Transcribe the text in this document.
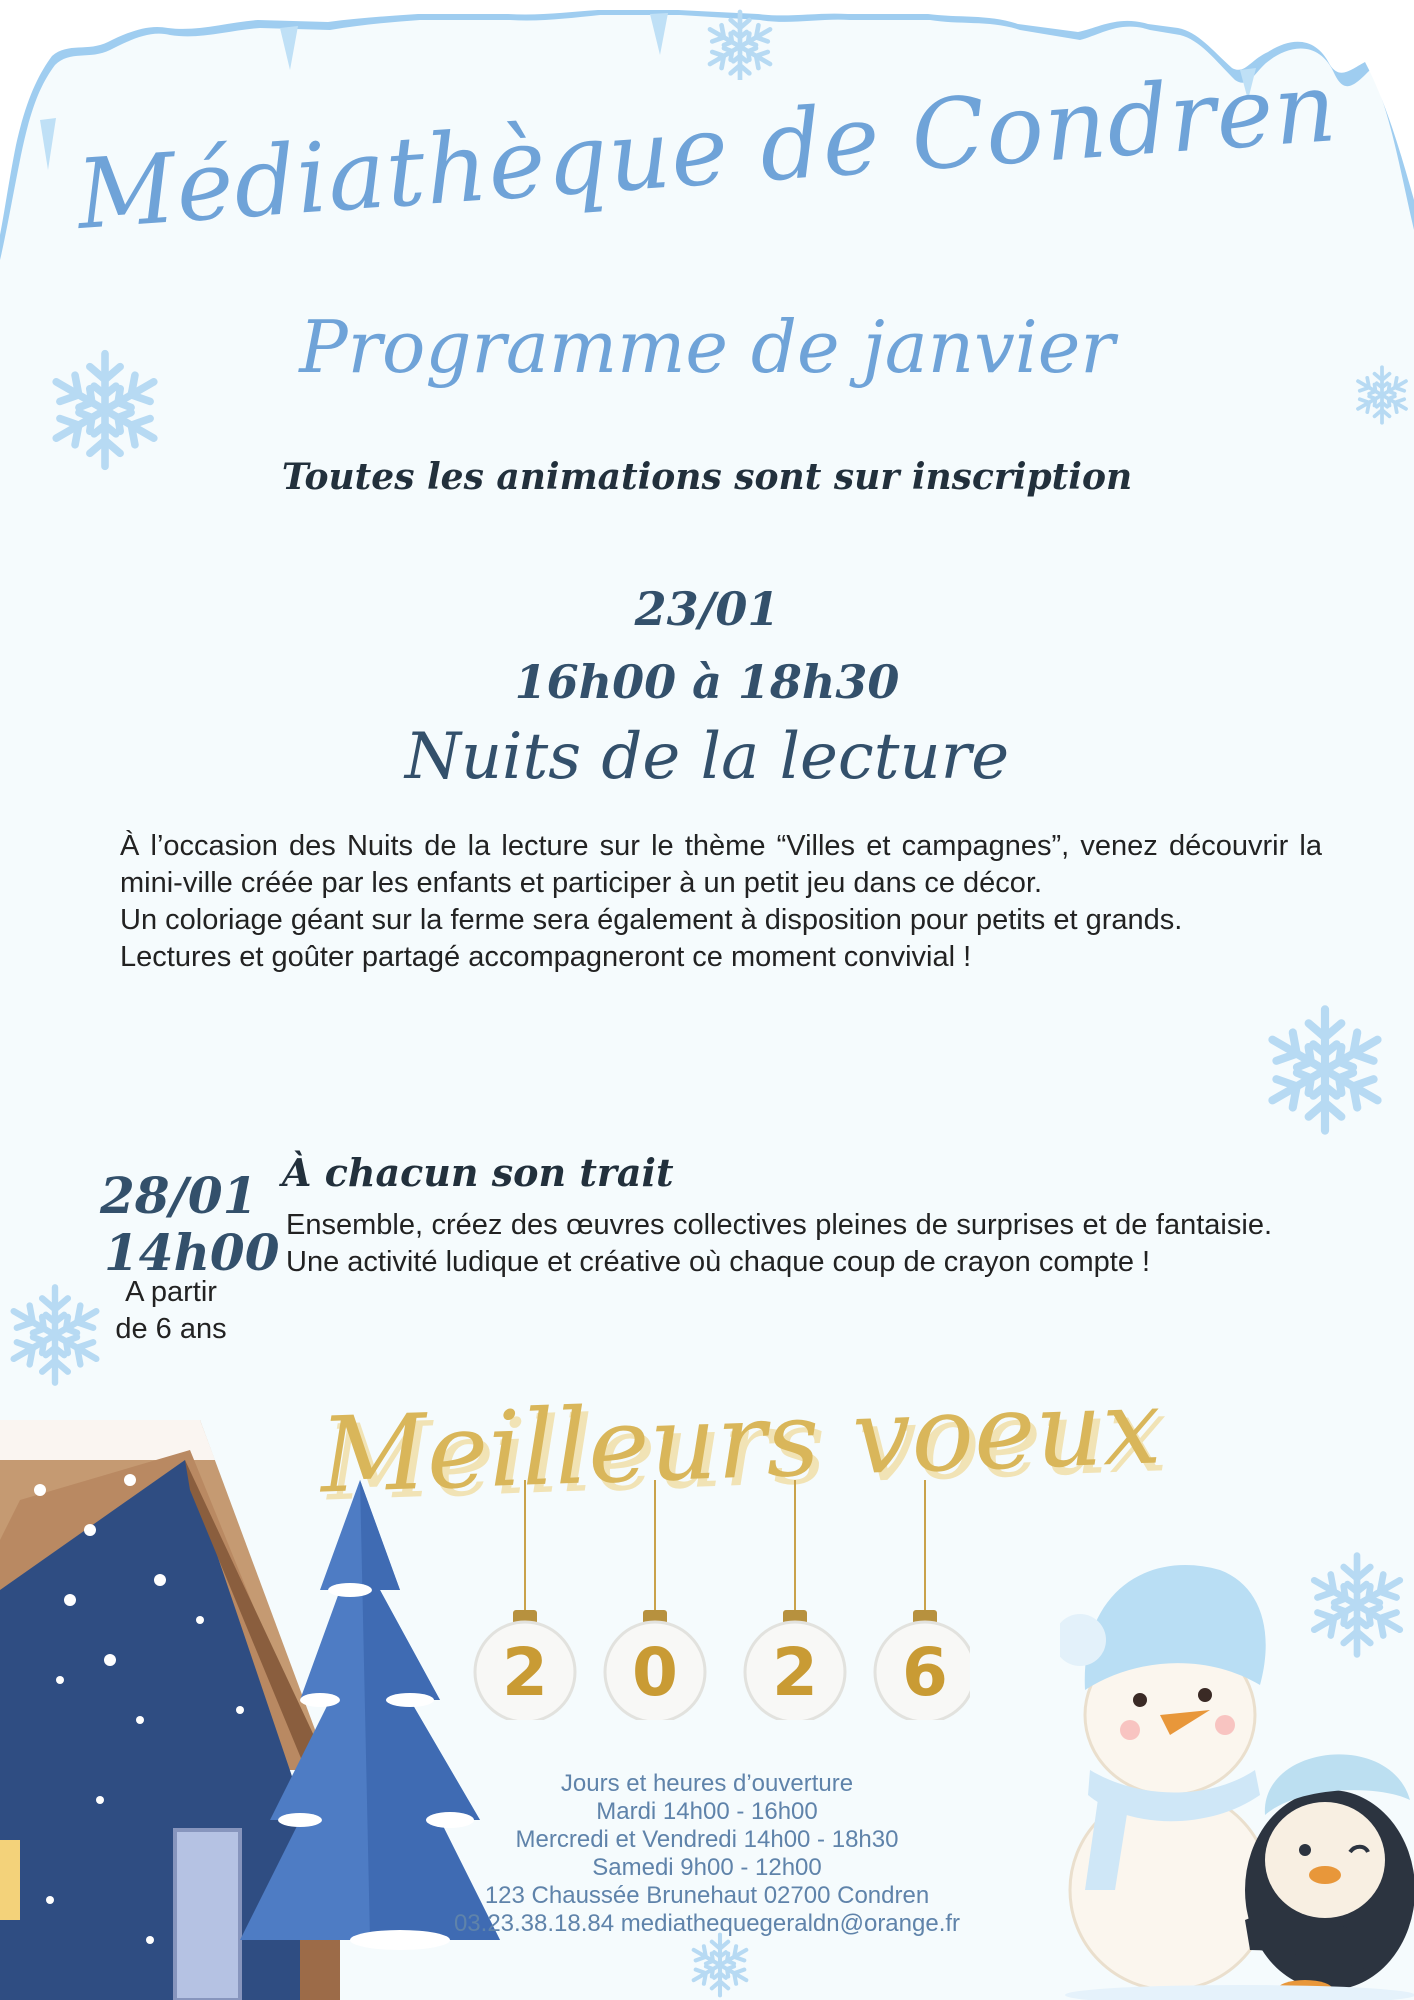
Médiathèque de Condren
Programme de janvier
Toutes les animations sont sur inscription
23/01
16h00 à 18h30
Nuits de la lecture

À l’occasion des Nuits de la lecture sur le thème “Villes et campagnes”, venez découvrir la mini-ville créée par les enfants et participer à un petit jeu dans ce décor.

Un coloriage géant sur la ferme sera également à disposition pour petits et grands.

Lectures et goûter partagé accompagneront ce moment convivial !

28/01
14h00
A partir
de 6 ans
À chacun son trait
Ensemble, créez des œuvres collectives pleines de surprises et de fantaisie. Une activité ludique et créative où chaque coup de crayon compte !
Meilleurs voeux
2 0 2 6
Jours et heures d’ouverture
Mardi 14h00 - 16h00
Mercredi et Vendredi 14h00 - 18h30
Samedi 9h00 - 12h00
123 Chaussée Brunehaut 02700 Condren
03.23.38.18.84 mediathequegeraldn@orange.fr
